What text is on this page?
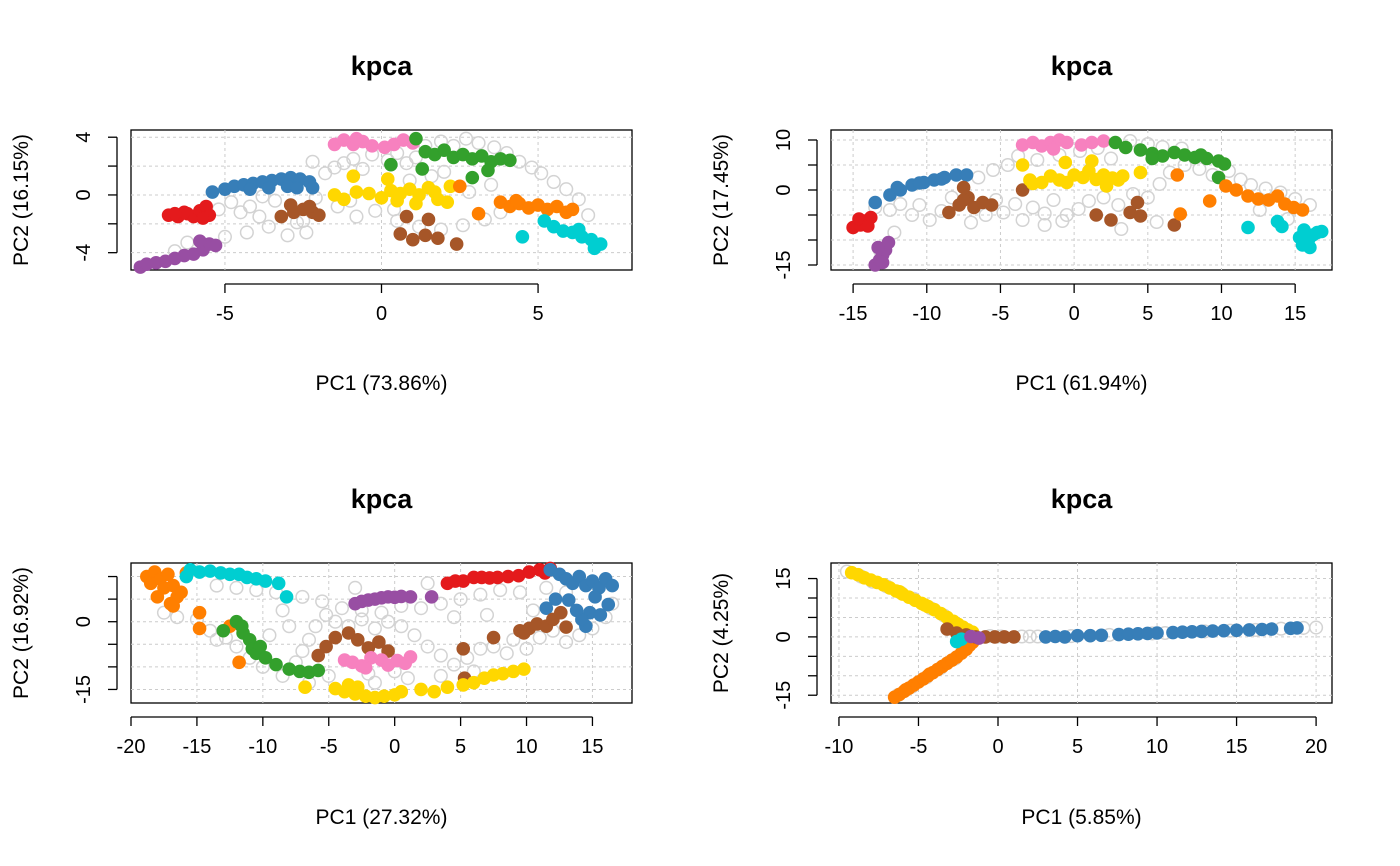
kpca
-5	0	5
-4
0
4
PC1 (73.86%)
PC2 (16.15%)
kpca
-15 -10	-5	0	5	10	15
-15
0
10
PC1 (61.94%)
PC2 (17.45%)
kpca
-20 -15 -10 -5	0	5 10 15
-15
0
PC1 (27.32%)
PC2 (16.92%)
kpca
-10	-5	0	5	10	15	20
-15
0
15
PC1 (5.85%)
PC2 (4.25%)
